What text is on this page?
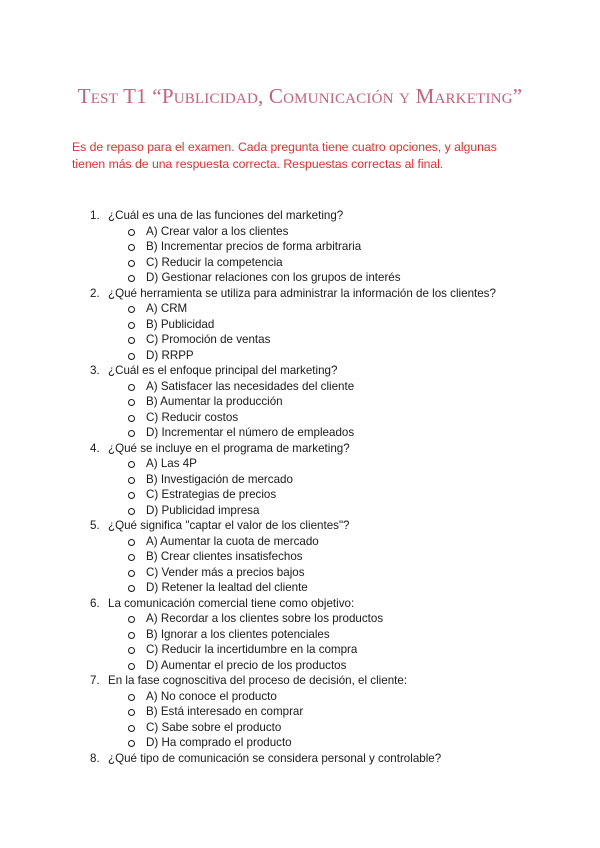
Test T1 “Publicidad, Comunicación y Marketing”
Es de repaso para el examen. Cada pregunta tiene cuatro opciones, y algunas tienen más de una respuesta correcta. Respuestas correctas al final.
1. ¿Cuál es una de las funciones del marketing?
A) Crear valor a los clientes
B) Incrementar precios de forma arbitraria
C) Reducir la competencia
D) Gestionar relaciones con los grupos de interés
2. ¿Qué herramienta se utiliza para administrar la información de los clientes?
A) CRM
B) Publicidad
C) Promoción de ventas
D) RRPP
3. ¿Cuál es el enfoque principal del marketing?
A) Satisfacer las necesidades del cliente
B) Aumentar la producción
C) Reducir costos
D) Incrementar el número de empleados
4. ¿Qué se incluye en el programa de marketing?
A) Las 4P
B) Investigación de mercado
C) Estrategias de precios
D) Publicidad impresa
5. ¿Qué significa "captar el valor de los clientes"?
A) Aumentar la cuota de mercado
B) Crear clientes insatisfechos
C) Vender más a precios bajos
D) Retener la lealtad del cliente
6. La comunicación comercial tiene como objetivo:
A) Recordar a los clientes sobre los productos
B) Ignorar a los clientes potenciales
C) Reducir la incertidumbre en la compra
D) Aumentar el precio de los productos
7. En la fase cognoscitiva del proceso de decisión, el cliente:
A) No conoce el producto
B) Está interesado en comprar
C) Sabe sobre el producto
D) Ha comprado el producto
8. ¿Qué tipo de comunicación se considera personal y controlable?
